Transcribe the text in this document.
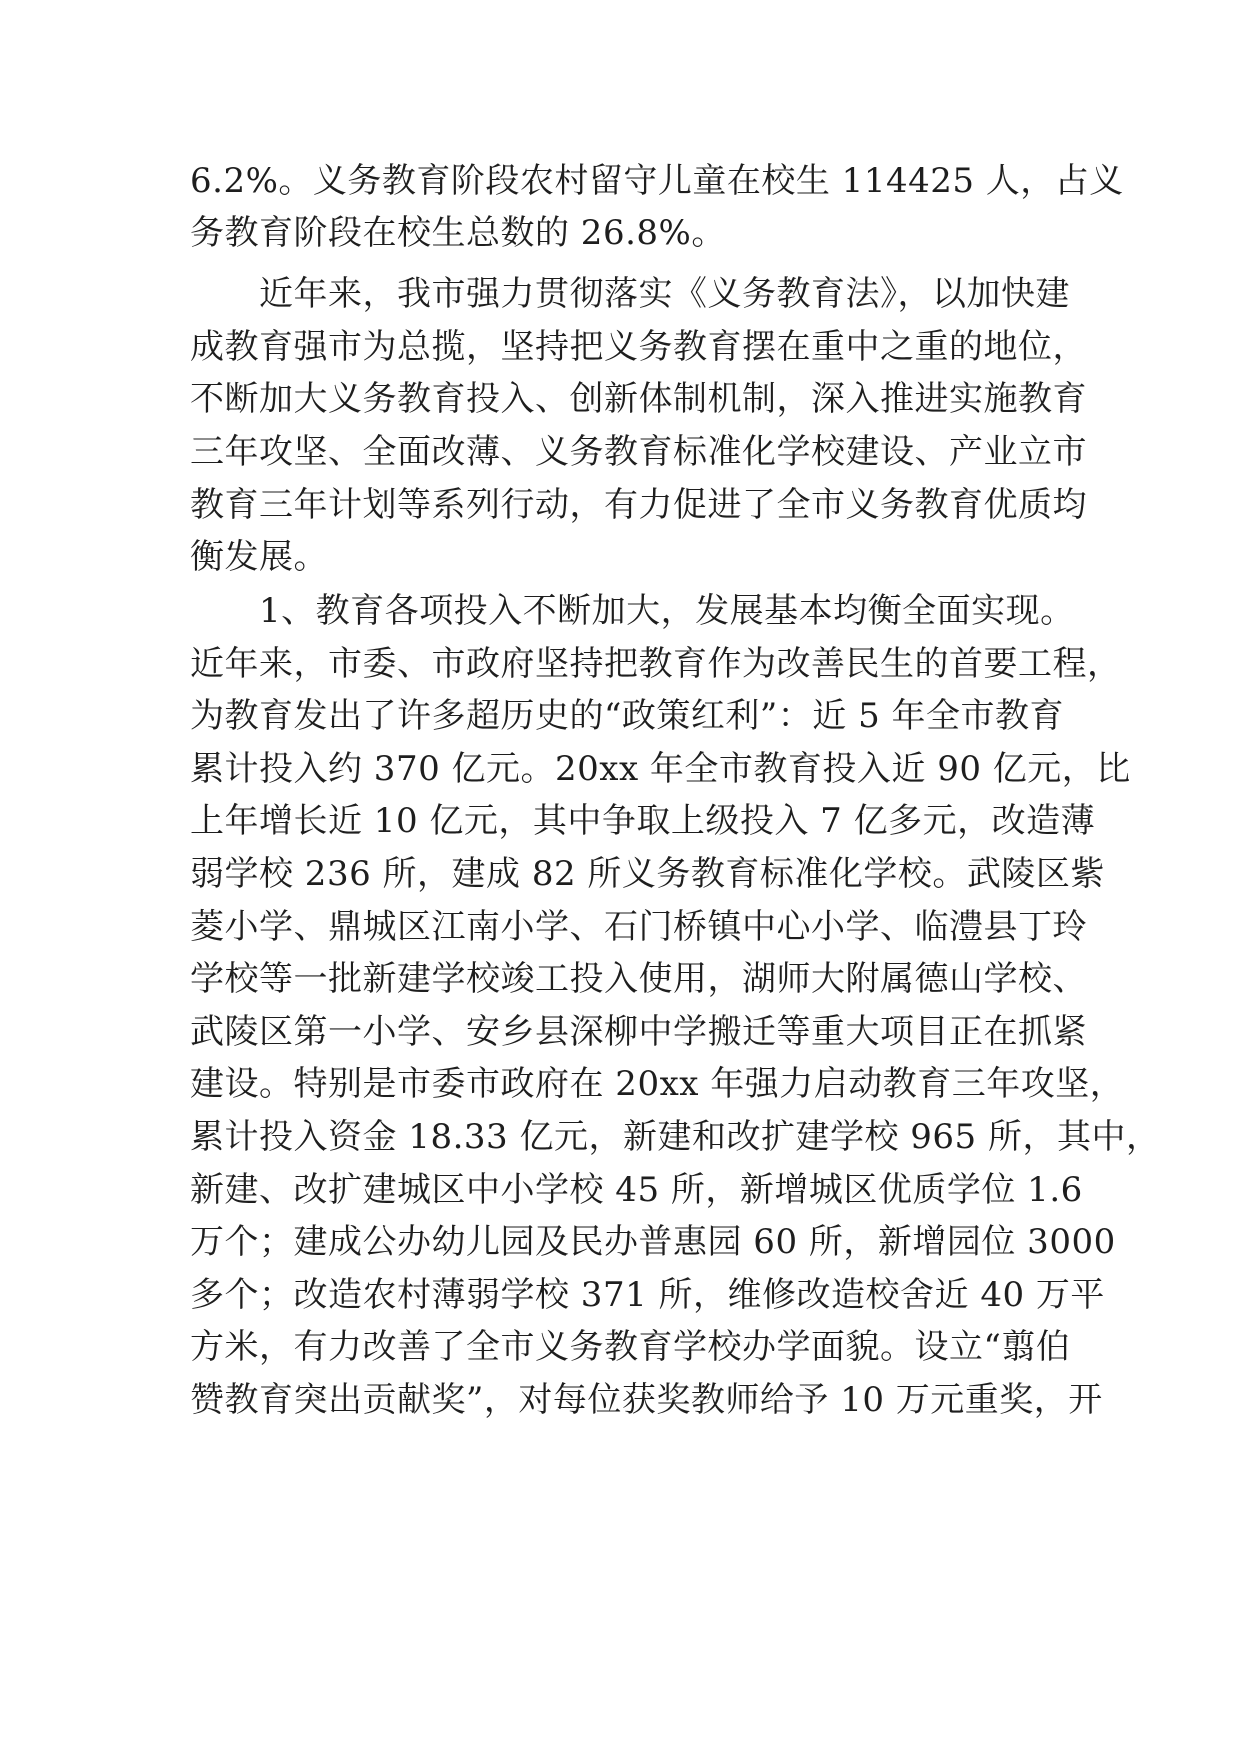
6.2%。义务教育阶段农村留守儿童在校生 114425 人，占义
务教育阶段在校生总数的 26.8%。
近年来，我市强力贯彻落实《义务教育法》，以加快建
成教育强市为总揽，坚持把义务教育摆在重中之重的地位，
不断加大义务教育投入、创新体制机制，深入推进实施教育
三年攻坚、全面改薄、义务教育标准化学校建设、产业立市
教育三年计划等系列行动，有力促进了全市义务教育优质均
衡发展。
1、教育各项投入不断加大，发展基本均衡全面实现。
近年来，市委、市政府坚持把教育作为改善民生的首要工程，
为教育发出了许多超历史的“政策红利”：近 5 年全市教育
累计投入约 370 亿元。20xx 年全市教育投入近 90 亿元，比
上年增长近 10 亿元，其中争取上级投入 7 亿多元，改造薄
弱学校 236 所，建成 82 所义务教育标准化学校。武陵区紫
菱小学、鼎城区江南小学、石门桥镇中心小学、临澧县丁玲
学校等一批新建学校竣工投入使用，湖师大附属德山学校、
武陵区第一小学、安乡县深柳中学搬迁等重大项目正在抓紧
建设。特别是市委市政府在 20xx 年强力启动教育三年攻坚，
累计投入资金 18.33 亿元，新建和改扩建学校 965 所，其中，
新建、改扩建城区中小学校 45 所，新增城区优质学位 1.6
万个；建成公办幼儿园及民办普惠园 60 所，新增园位 3000
多个；改造农村薄弱学校 371 所，维修改造校舍近 40 万平
方米，有力改善了全市义务教育学校办学面貌。设立“翦伯
赞教育突出贡献奖”，对每位获奖教师给予 10 万元重奖，开
